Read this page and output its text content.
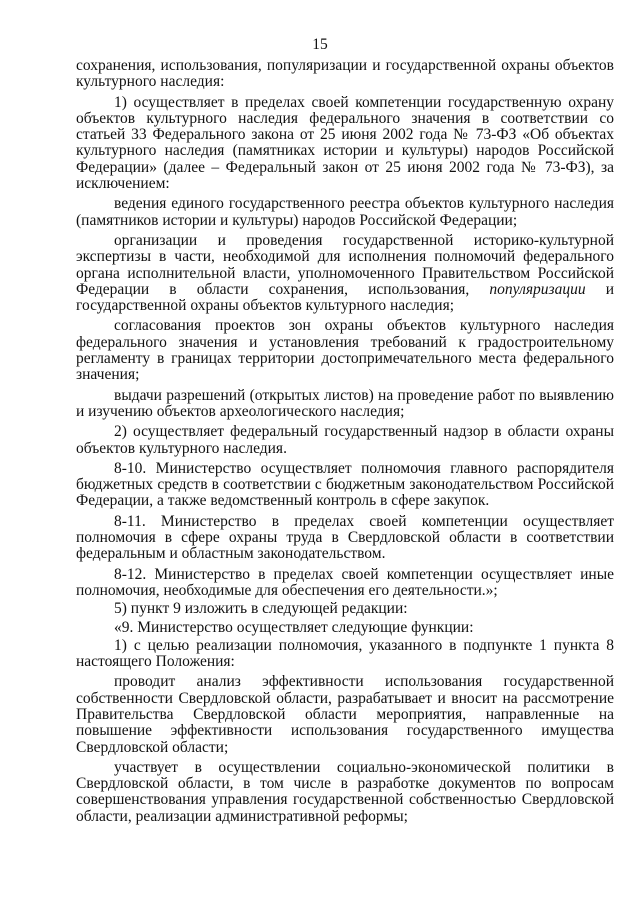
15

сохранения, использования, популяризации и государственной охраны объектов культурного наследия:

1) осуществляет в пределах своей компетенции государственную охрану объектов культурного наследия федерального значения в соответствии со статьей 33 Федерального закона от 25 июня 2002 года № 73-ФЗ «Об объектах культурного наследия (памятниках истории и культуры) народов Российской Федерации» (далее – Федеральный закон от 25 июня 2002 года № 73-ФЗ), за исключением:

ведения единого государственного реестра объектов культурного наследия (памятников истории и культуры) народов Российской Федерации;

организации и проведения государственной историко-культурной экспертизы в части, необходимой для исполнения полномочий федерального органа исполнительной власти, уполномоченного Правительством Российской Федерации в области сохранения, использования, популяризации и государственной охраны объектов культурного наследия;

согласования проектов зон охраны объектов культурного наследия федерального значения и установления требований к градостроительному регламенту в границах территории достопримечательного места федерального значения;

выдачи разрешений (открытых листов) на проведение работ по выявлению и изучению объектов археологического наследия;

2) осуществляет федеральный государственный надзор в области охраны объектов культурного наследия.

8-10. Министерство осуществляет полномочия главного распорядителя бюджетных средств в соответствии с бюджетным законодательством Российской Федерации, а также ведомственный контроль в сфере закупок.

8-11. Министерство в пределах своей компетенции осуществляет полномочия в сфере охраны труда в Свердловской области в соответствии федеральным и областным законодательством.

8-12. Министерство в пределах своей компетенции осуществляет иные полномочия, необходимые для обеспечения его деятельности.»;

5) пункт 9 изложить в следующей редакции:

«9. Министерство осуществляет следующие функции:

1) с целью реализации полномочия, указанного в подпункте 1 пункта 8 настоящего Положения:

проводит анализ эффективности использования государственной собственности Свердловской области, разрабатывает и вносит на рассмотрение Правительства Свердловской области мероприятия, направленные на повышение эффективности использования государственного имущества Свердловской области;

участвует в осуществлении социально-экономической политики в Свердловской области, в том числе в разработке документов по вопросам совершенствования управления государственной собственностью Свердловской области, реализации административной реформы;
